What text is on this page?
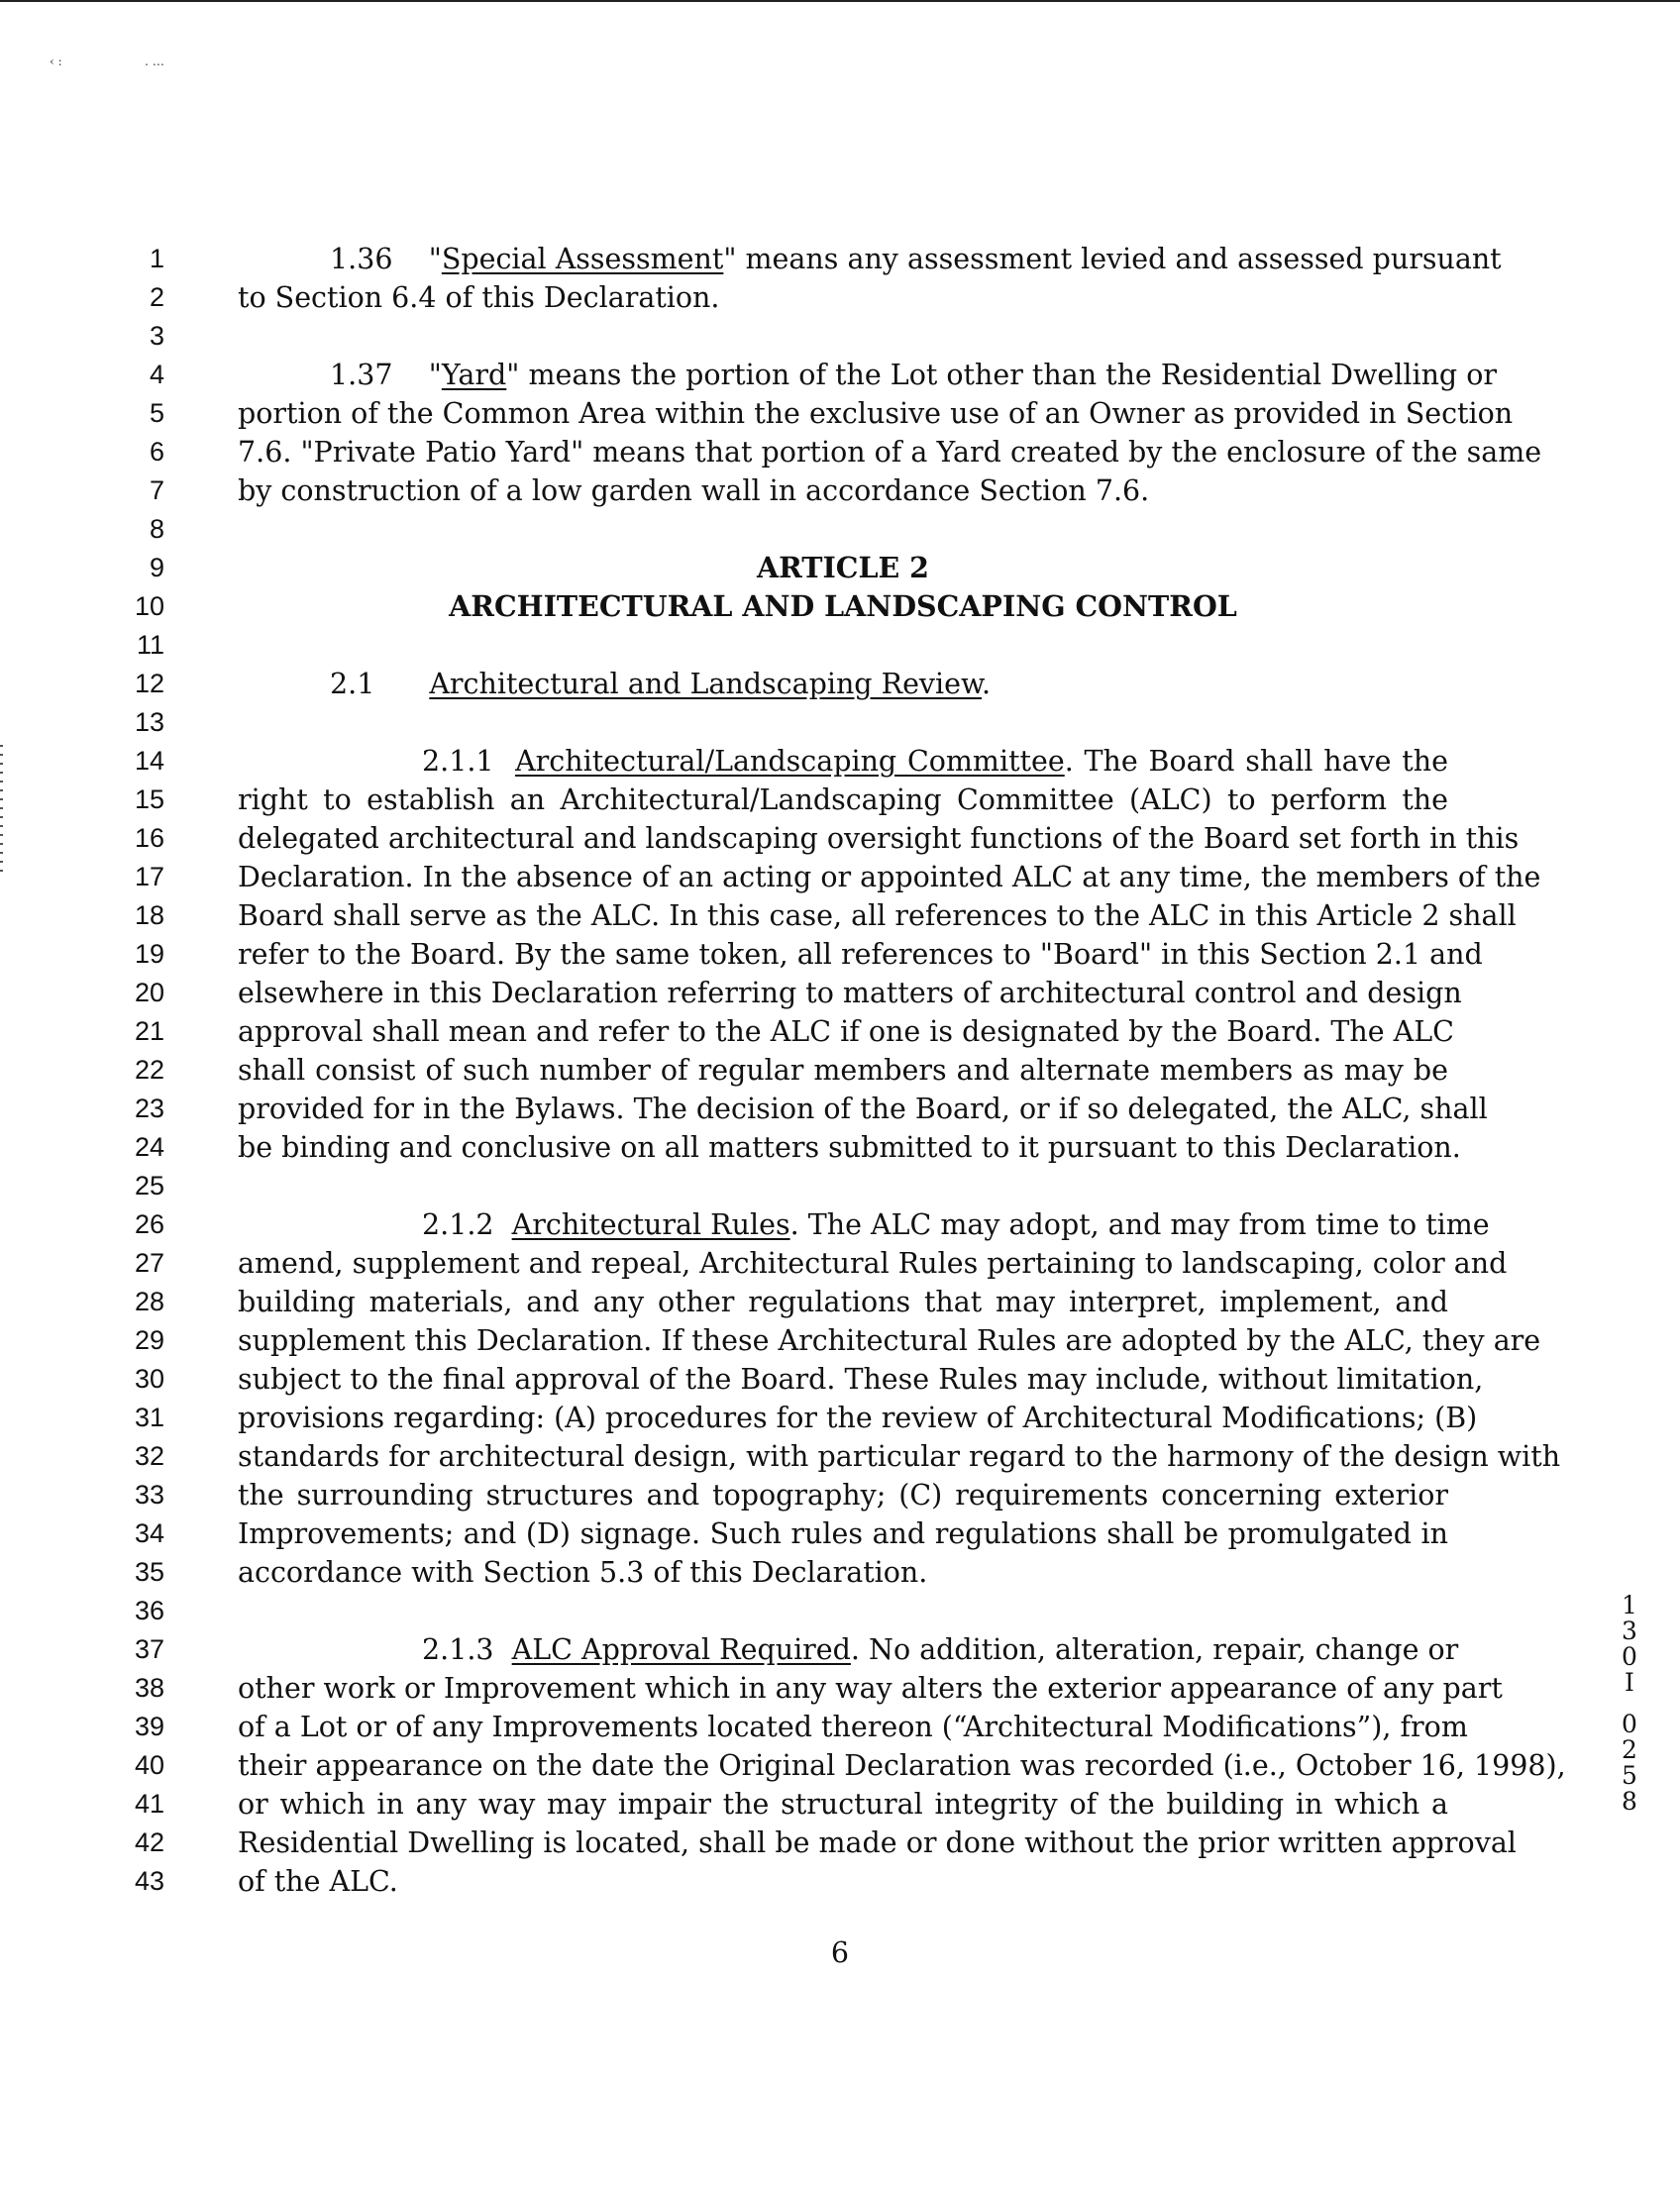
‹ :	․ …
1
2
3
4
5
6
7
8
9
10
11
12
13
14
15
16
17
18
19
20
21
22
23
24
25
26
27
28
29
30
31
32
33
34
35
36
37
38
39
40
41
42
43
1.36    "Special Assessment" means any assessment levied and assessed pursuant
to Section 6.4 of this Declaration.
1.37    "Yard" means the portion of the Lot other than the Residential Dwelling or
portion of the Common Area within the exclusive use of an Owner as provided in Section
7.6. "Private Patio Yard" means that portion of a Yard created by the enclosure of the same
by construction of a low garden wall in accordance Section 7.6.
ARTICLE 2
ARCHITECTURAL AND LANDSCAPING CONTROL
2.1 Architectural and Landscaping Review.
2.1.1 Architectural/Landscaping Committee. The Board shall have the
right to establish an Architectural/Landscaping Committee (ALC) to perform the
delegated architectural and landscaping oversight functions of the Board set forth in this
Declaration. In the absence of an acting or appointed ALC at any time, the members of the
Board shall serve as the ALC. In this case, all references to the ALC in this Article 2 shall
refer to the Board. By the same token, all references to "Board" in this Section 2.1 and
elsewhere in this Declaration referring to matters of architectural control and design
approval shall mean and refer to the ALC if one is designated by the Board. The ALC
shall consist of such number of regular members and alternate members as may be
provided for in the Bylaws. The decision of the Board, or if so delegated, the ALC, shall
be binding and conclusive on all matters submitted to it pursuant to this Declaration.
2.1.2 Architectural Rules. The ALC may adopt, and may from time to time
amend, supplement and repeal, Architectural Rules pertaining to landscaping, color and
building materials, and any other regulations that may interpret, implement, and
supplement this Declaration. If these Architectural Rules are adopted by the ALC, they are
subject to the final approval of the Board. These Rules may include, without limitation,
provisions regarding: (A) procedures for the review of Architectural Modifications; (B)
standards for architectural design, with particular regard to the harmony of the design with
the surrounding structures and topography; (C) requirements concerning exterior
Improvements; and (D) signage. Such rules and regulations shall be promulgated in
accordance with Section 5.3 of this Declaration.
2.1.3 ALC Approval Required. No addition, alteration, repair, change or
other work or Improvement which in any way alters the exterior appearance of any part
of a Lot or of any Improvements located thereon (“Architectural Modifications”), from
their appearance on the date the Original Declaration was recorded (i.e., October 16, 1998),
or which in any way may impair the structural integrity of the building in which a
Residential Dwelling is located, shall be made or done without the prior written approval
of the ALC.
6
1
3
0
I
0
2
5
8
